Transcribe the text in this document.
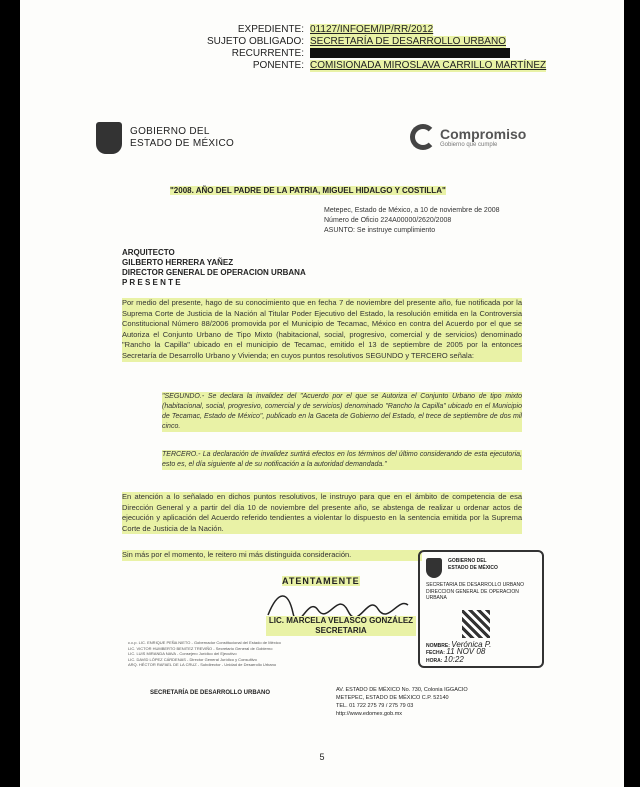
EXPEDIENTE: 01127/INFOEM/IP/RR/2012
SUJETO OBLIGADO: SECRETARÍA DE DESARROLLO URBANO
RECURRENTE:
PONENTE: COMISIONADA MIROSLAVA CARRILLO MARTÍNEZ
GOBIERNO DEL
ESTADO DE MÉXICO
Compromiso
Gobierno que cumple
"2008. AÑO DEL PADRE DE LA PATRIA, MIGUEL HIDALGO Y COSTILLA"
Metepec, Estado de México, a 10 de noviembre de 2008
Número de Oficio 224A00000/2620/2008
ASUNTO: Se instruye cumplimiento
ARQUITECTO
GILBERTO HERRERA YAÑEZ
DIRECTOR GENERAL DE OPERACION URBANA
P R E S E N T E
Por medio del presente, hago de su conocimiento que en fecha 7 de noviembre del presente año, fue notificada por la Suprema Corte de Justicia de la Nación al Titular Poder Ejecutivo del Estado, la resolución emitida en la Controversia Constitucional Número 88/2006 promovida por el Municipio de Tecamac, México en contra del Acuerdo por el que se Autoriza el Conjunto Urbano de Tipo Mixto (habitacional, social, progresivo, comercial y de servicios) denominado "Rancho la Capilla" ubicado en el municipio de Tecamac, emitido el 13 de septiembre de 2005 por la entonces Secretaría de Desarrollo Urbano y Vivienda; en cuyos puntos resolutivos SEGUNDO y TERCERO señala:
"SEGUNDO.- Se declara la invalidez del "Acuerdo por el que se Autoriza el Conjunto Urbano de tipo mixto (habitacional, social, progresivo, comercial y de servicios) denominado "Rancho la Capilla" ubicado en el Municipio de Tecamac, Estado de México", publicado en la Gaceta de Gobierno del Estado, el trece de septiembre de dos mil cinco.
TERCERO.- La declaración de invalidez surtirá efectos en los términos del último considerando de esta ejecutoria, esto es, el día siguiente al de su notificación a la autoridad demandada."
En atención a lo señalado en dichos puntos resolutivos, le instruyo para que en el ámbito de competencia de esa Dirección General y a partir del día 10 de noviembre del presente año, se abstenga de realizar u ordenar actos de ejecución y aplicación del Acuerdo referido tendientes a violentar lo dispuesto en la sentencia emitida por la Suprema Corte de Justicia de la Nación.
Sin más por el momento, le reitero mi más distinguida consideración.
ATENTAMENTE
LIC. MARCELA VELASCO GONZÁLEZ
SECRETARIA
c.c.p. LIC. ENRIQUE PEÑA NIETO - Gobernador Constitucional del Estado de México
LIC. VICTOR HUMBERTO BENITEZ TREVIÑO - Secretario General de Gobierno
LIC. LUIS MIRANDA NAVA - Consejero Jurídico del Ejecutivo
LIC. DAVID LÓPEZ CÁRDENAS - Director General Jurídico y Consultivo
ARQ. HÉCTOR RAFAEL DE LA CRUZ - Subdirector - Unidad de Desarrollo Urbano
GOBIERNO DEL
ESTADO DE MÉXICO
SECRETARIA DE DESARROLLO URBANO DIRECCION GENERAL DE OPERACION URBANA
NOMBRE: Verónica P.
FECHA: 11 NOV 08
HORA: 10:22
SECRETARÍA DE DESARROLLO URBANO	AV. ESTADO DE MÉXICO No. 730, Colonia IGGACIO
METEPEC, ESTADO DE MÉXICO C.P. 52140
TEL. 01 722 275 79 / 275 79 03
http://www.edomex.gob.mx
5
